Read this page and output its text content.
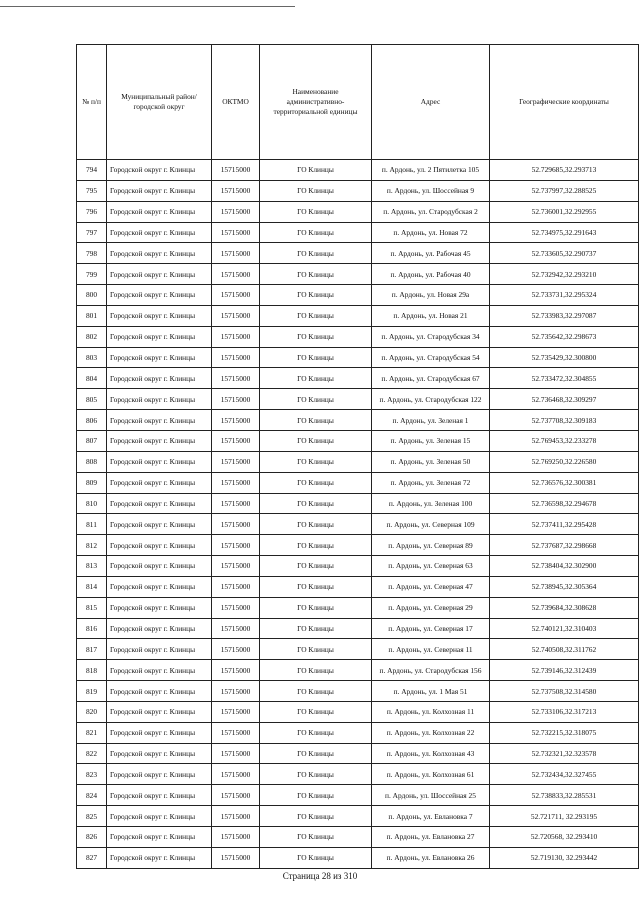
№ п/п	Муниципальный район/городской округ	ОКТМО	Наименование административно-территориальной единицы	Адрес	Географические координаты
794	Городской округ г. Клинцы	15715000	ГО Клинцы	п. Ардонь, ул. 2 Пятилетка 105	52.729685,32.293713
795	Городской округ г. Клинцы	15715000	ГО Клинцы	п. Ардонь, ул. Шоссейная 9	52.737997,32.288525
796	Городской округ г. Клинцы	15715000	ГО Клинцы	п. Ардонь, ул. Стародубская 2	52.736001,32.292955
797	Городской округ г. Клинцы	15715000	ГО Клинцы	п. Ардонь, ул. Новая 72	52.734975,32.291643
798	Городской округ г. Клинцы	15715000	ГО Клинцы	п. Ардонь, ул. Рабочая 45	52.733605,32.290737
799	Городской округ г. Клинцы	15715000	ГО Клинцы	п. Ардонь, ул. Рабочая 40	52.732942,32.293210
800	Городской округ г. Клинцы	15715000	ГО Клинцы	п. Ардонь, ул. Новая 29а	52.733731,32.295324
801	Городской округ г. Клинцы	15715000	ГО Клинцы	п. Ардонь, ул. Новая 21	52.733983,32.297087
802	Городской округ г. Клинцы	15715000	ГО Клинцы	п. Ардонь, ул. Стародубская 34	52.735642,32.298673
803	Городской округ г. Клинцы	15715000	ГО Клинцы	п. Ардонь, ул. Стародубская 54	52.735429,32.300800
804	Городской округ г. Клинцы	15715000	ГО Клинцы	п. Ардонь, ул. Стародубская 67	52.733472,32.304855
805	Городской округ г. Клинцы	15715000	ГО Клинцы	п. Ардонь, ул. Стародубская 122	52.736468,32.309297
806	Городской округ г. Клинцы	15715000	ГО Клинцы	п. Ардонь, ул. Зеленая 1	52.737708,32.309183
807	Городской округ г. Клинцы	15715000	ГО Клинцы	п. Ардонь, ул. Зеленая 15	52.769453,32.233278
808	Городской округ г. Клинцы	15715000	ГО Клинцы	п. Ардонь, ул. Зеленая 50	52.769250,32.226580
809	Городской округ г. Клинцы	15715000	ГО Клинцы	п. Ардонь, ул. Зеленая 72	52.736576,32.300381
810	Городской округ г. Клинцы	15715000	ГО Клинцы	п. Ардонь, ул. Зеленая 100	52.736598,32.294678
811	Городской округ г. Клинцы	15715000	ГО Клинцы	п. Ардонь, ул. Северная 109	52.737411,32.295428
812	Городской округ г. Клинцы	15715000	ГО Клинцы	п. Ардонь, ул. Северная 89	52.737687,32.298668
813	Городской округ г. Клинцы	15715000	ГО Клинцы	п. Ардонь, ул. Северная 63	52.738404,32.302900
814	Городской округ г. Клинцы	15715000	ГО Клинцы	п. Ардонь, ул. Северная 47	52.738945,32.305364
815	Городской округ г. Клинцы	15715000	ГО Клинцы	п. Ардонь, ул. Северная 29	52.739684,32.308628
816	Городской округ г. Клинцы	15715000	ГО Клинцы	п. Ардонь, ул. Северная 17	52.740121,32.310403
817	Городской округ г. Клинцы	15715000	ГО Клинцы	п. Ардонь, ул. Северная 11	52.740508,32.311762
818	Городской округ г. Клинцы	15715000	ГО Клинцы	п. Ардонь, ул. Стародубская 156	52.739146,32.312439
819	Городской округ г. Клинцы	15715000	ГО Клинцы	п. Ардонь, ул. 1 Мая 51	52.737508,32.314580
820	Городской округ г. Клинцы	15715000	ГО Клинцы	п. Ардонь, ул. Колхозная 11	52.733106,32.317213
821	Городской округ г. Клинцы	15715000	ГО Клинцы	п. Ардонь, ул. Колхозная 22	52.732215,32.318075
822	Городской округ г. Клинцы	15715000	ГО Клинцы	п. Ардонь, ул. Колхозная 43	52.732321,32.323578
823	Городской округ г. Клинцы	15715000	ГО Клинцы	п. Ардонь, ул. Колхозная 61	52.732434,32.327455
824	Городской округ г. Клинцы	15715000	ГО Клинцы	п. Ардонь, ул. Шоссейная 25	52.738833,32.285531
825	Городской округ г. Клинцы	15715000	ГО Клинцы	п. Ардонь, ул. Евлановка 7	52.721711, 32.293195
826	Городской округ г. Клинцы	15715000	ГО Клинцы	п. Ардонь, ул. Евлановка 27	52.720568, 32.293410
827	Городской округ г. Клинцы	15715000	ГО Клинцы	п. Ардонь, ул. Евлановка 26	52.719130, 32.293442
Страница 28 из 310
